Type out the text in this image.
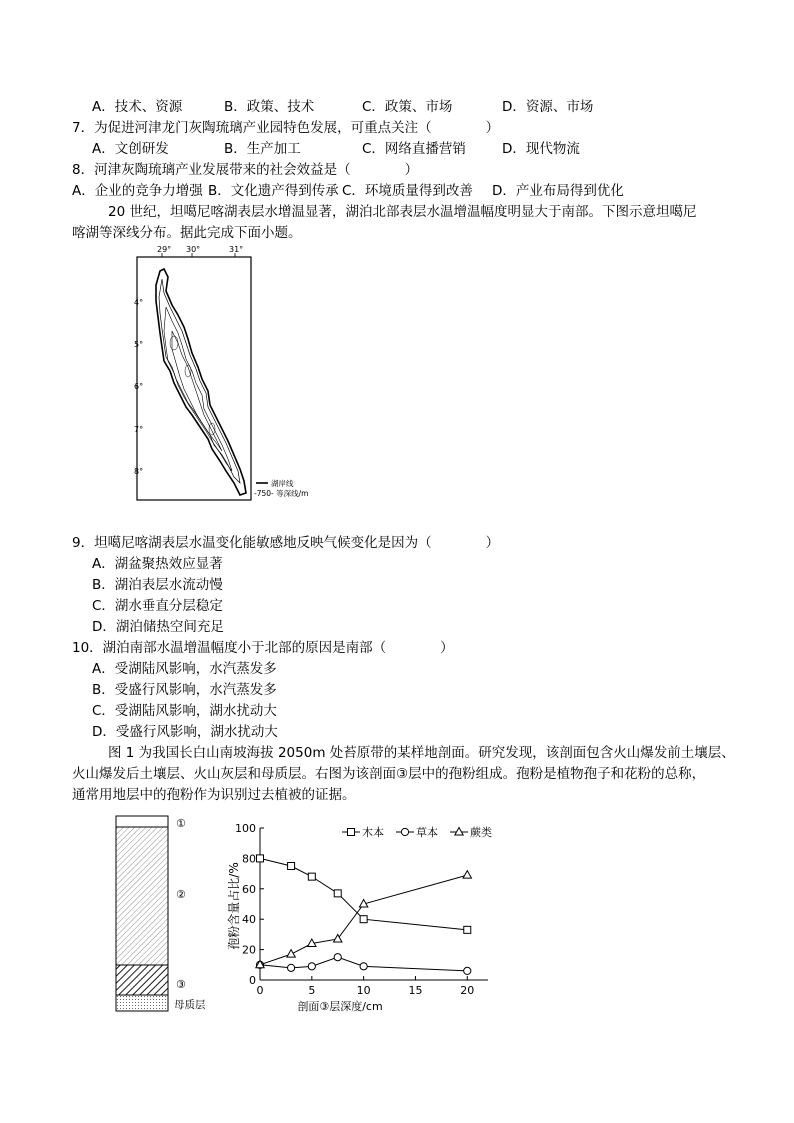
A．技术、资源	B．政策、技术	C．政策、市场	D．资源、市场
7．为促进河津龙门灰陶琉璃产业园特色发展，可重点关注（　　　　）
A．文创研发	B．生产加工	C．网络直播营销	D．现代物流
8．河津灰陶琉璃产业发展带来的社会效益是（　　　　）
A．企业的竞争力增强 B．文化遗产得到传承 C．环境质量得到改善 D．产业布局得到优化
20 世纪，坦噶尼喀湖表层水增温显著，湖泊北部表层水温增温幅度明显大于南部。下图示意坦噶尼
喀湖等深线分布。据此完成下面小题。
29° 30°	31°
4°
5°
6°
7°
8°
湖岸线
-750- 等深线/m
9．坦噶尼喀湖表层水温变化能敏感地反映气候变化是因为（　　　　）
A．湖盆聚热效应显著
B．湖泊表层水流动慢
C．湖水垂直分层稳定
D．湖泊储热空间充足
10．湖泊南部水温增温幅度小于北部的原因是南部（　　　　）
A．受湖陆风影响，水汽蒸发多
B．受盛行风影响，水汽蒸发多
C．受湖陆风影响，湖水扰动大
D．受盛行风影响，湖水扰动大
图 1 为我国长白山南坡海拔 2050m 处苔原带的某样地剖面。研究发现，该剖面包含火山爆发前土壤层、
火山爆发后土壤层、火山灰层和母质层。右图为该剖面③层中的孢粉组成。孢粉是植物孢子和花粉的总称，
通常用地层中的孢粉作为识别过去植被的证据。
①
②
③
母质层
0
20
40
60
80
100
0	5	10	15	20
木本	草本	蕨类
孢粉含量占比/%
剖面③层深度/cm
